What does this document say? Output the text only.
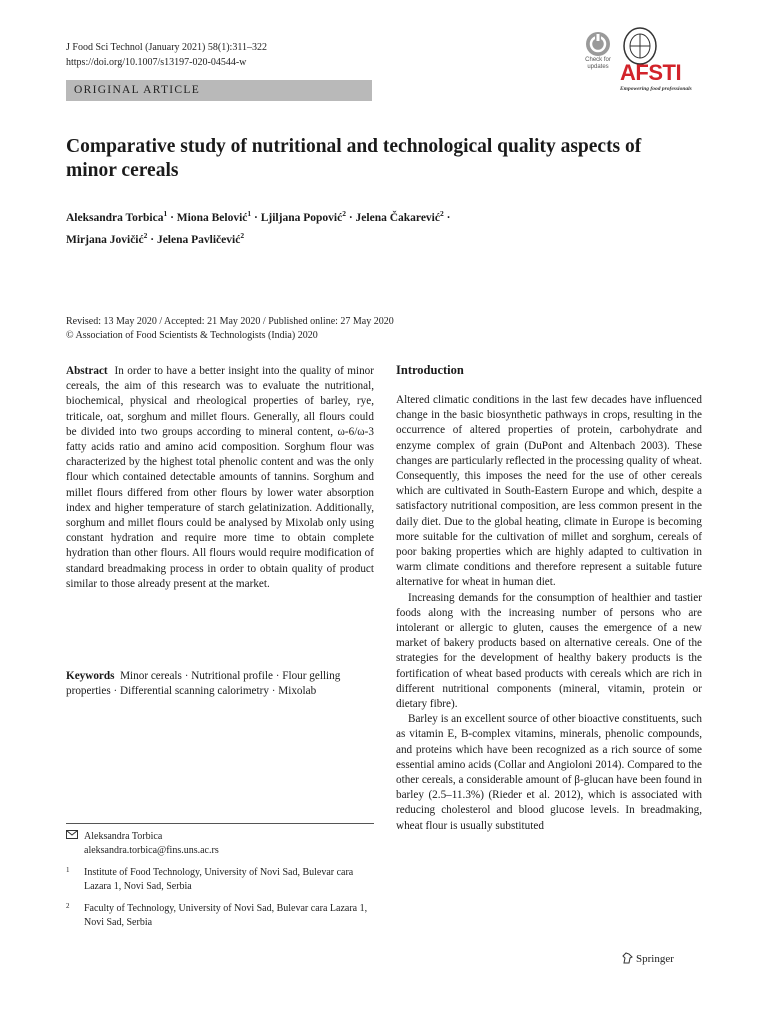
J Food Sci Technol (January 2021) 58(1):311–322
https://doi.org/10.1007/s13197-020-04544-w
ORIGINAL ARTICLE
Check for updates AFSTI
Empowering food professionals
Comparative study of nutritional and technological quality aspects of minor cereals
Aleksandra Torbica$^1$ · Miona Belović$^1$ · Ljiljana Popović$^2$ · Jelena Čakarević$^2$ ·
Mirjana Jovičić$^2$ · Jelena Pavličević$^2$
Revised: 13 May 2020 / Accepted: 21 May 2020 / Published online: 27 May 2020
© Association of Food Scientists & Technologists (India) 2020

Abstract In order to have a better insight into the quality of minor cereals, the aim of this research was to evaluate the nutritional, biochemical, physical and rheological properties of barley, rye, triticale, oat, sorghum and millet flours. Generally, all flours could be divided into two groups according to mineral content, ω-6/ω-3 fatty acids ratio and amino acid composition. Sorghum flour was characterized by the highest total phenolic content and was the only flour which contained detectable amounts of tannins. Sorghum and millet flours differed from other flours by lower water absorption index and higher temperature of starch gelatinization. Additionally, sorghum and millet flours could be analysed by Mixolab only using constant hydration and require more time to obtain complete hydration than other flours. All flours would require modification of standard breadmaking process in order to obtain quality of product similar to those already present at the market.

Keywords Minor cereals · Nutritional profile · Flour gelling properties · Differential scanning calorimetry · Mixolab

Aleksandra Torbica
aleksandra.torbica@fins.uns.ac.rs
1 Institute of Food Technology, University of Novi Sad, Bulevar cara Lazara 1, Novi Sad, Serbia
2 Faculty of Technology, University of Novi Sad, Bulevar cara Lazara 1, Novi Sad, Serbia
Introduction

Altered climatic conditions in the last few decades have influenced change in the basic biosynthetic pathways in crops, resulting in the occurrence of altered properties of protein, carbohydrate and enzyme complex of grain (DuPont and Altenbach 2003). These changes are particularly reflected in the processing quality of wheat. Consequently, this imposes the need for the use of other cereals which are cultivated in South-Eastern Europe and which, despite a satisfactory nutritional composition, are less common present in the daily diet. Due to the global heating, climate in Europe is becoming more suitable for the cultivation of millet and sorghum, cereals of poor baking properties which are highly adapted to cultivation in warm climate conditions and therefore represent a suitable future alternative for wheat in human diet.

Increasing demands for the consumption of healthier and tastier foods along with the increasing number of persons who are intolerant or allergic to gluten, causes the emergence of a new market of bakery products based on alternative cereals. One of the strategies for the development of healthy bakery products is the fortification of wheat based products with cereals which are rich in different nutritional components (mineral, vitamin, protein or dietary fibre).

Barley is an excellent source of other bioactive constituents, such as vitamin E, B-complex vitamins, minerals, phenolic compounds, and proteins which have been recognized as a rich source of some essential amino acids (Collar and Angioloni 2014). Compared to the other cereals, a considerable amount of β-glucan have been found in barley (2.5–11.3%) (Rieder et al. 2012), which is associated with reducing cholesterol and blood glucose levels. In breadmaking, wheat flour is usually substituted

Springer
